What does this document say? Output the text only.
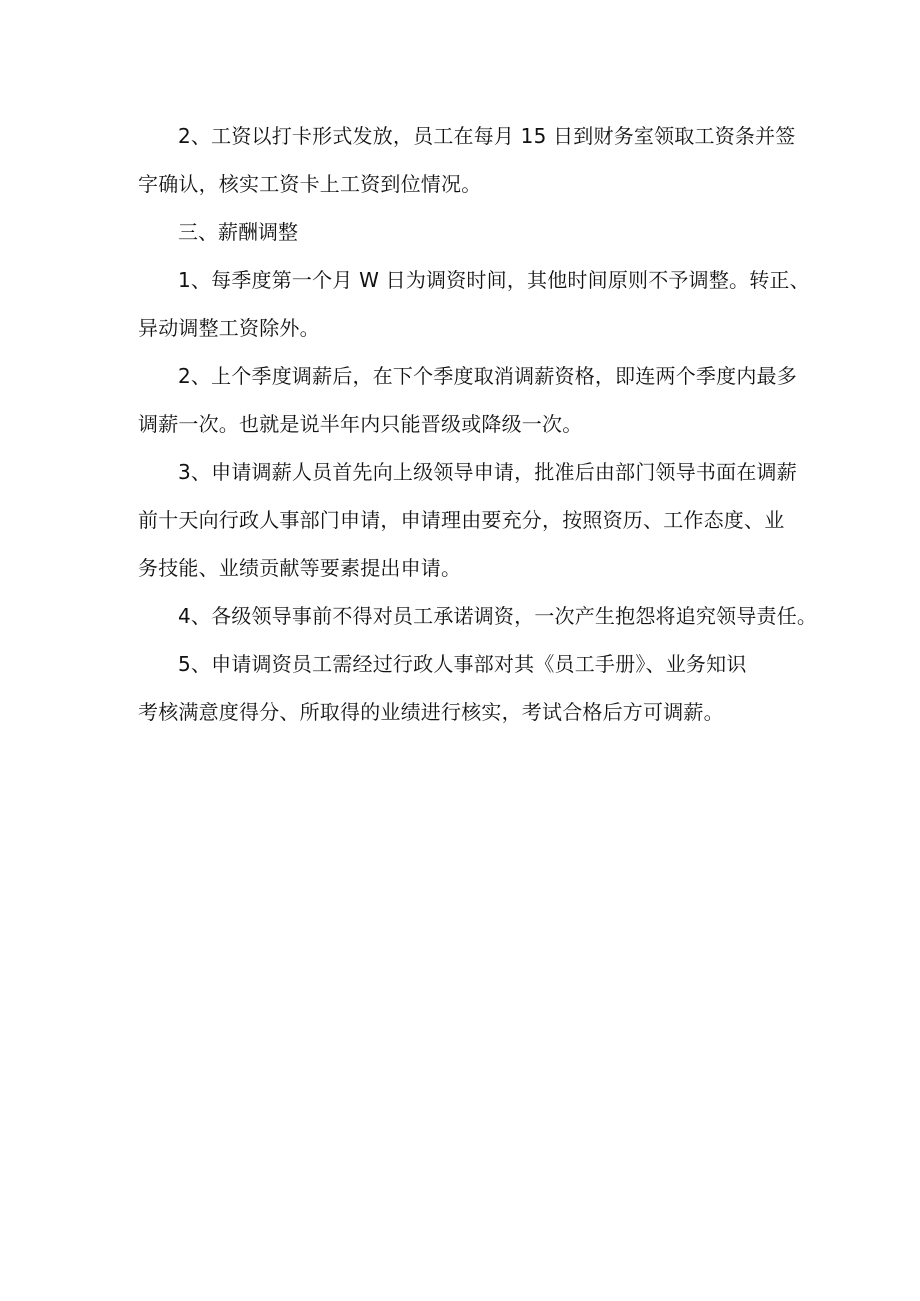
2、工资以打卡形式发放，员工在每月 15 日到财务室领取工资条并签
字确认，核实工资卡上工资到位情况。

三、薪酬调整

1、每季度第一个月 W 日为调资时间，其他时间原则不予调整。转正、
异动调整工资除外。

2、上个季度调薪后，在下个季度取消调薪资格，即连两个季度内最多
调薪一次。也就是说半年内只能晋级或降级一次。

3、申请调薪人员首先向上级领导申请，批准后由部门领导书面在调薪
前十天向行政人事部门申请，申请理由要充分，按照资历、工作态度、业
务技能、业绩贡献等要素提出申请。

4、各级领导事前不得对员工承诺调资，一次产生抱怨将追究领导责任。

5、申请调资员工需经过行政人事部对其《员工手册》、业务知识
考核满意度得分、所取得的业绩进行核实，考试合格后方可调薪。
